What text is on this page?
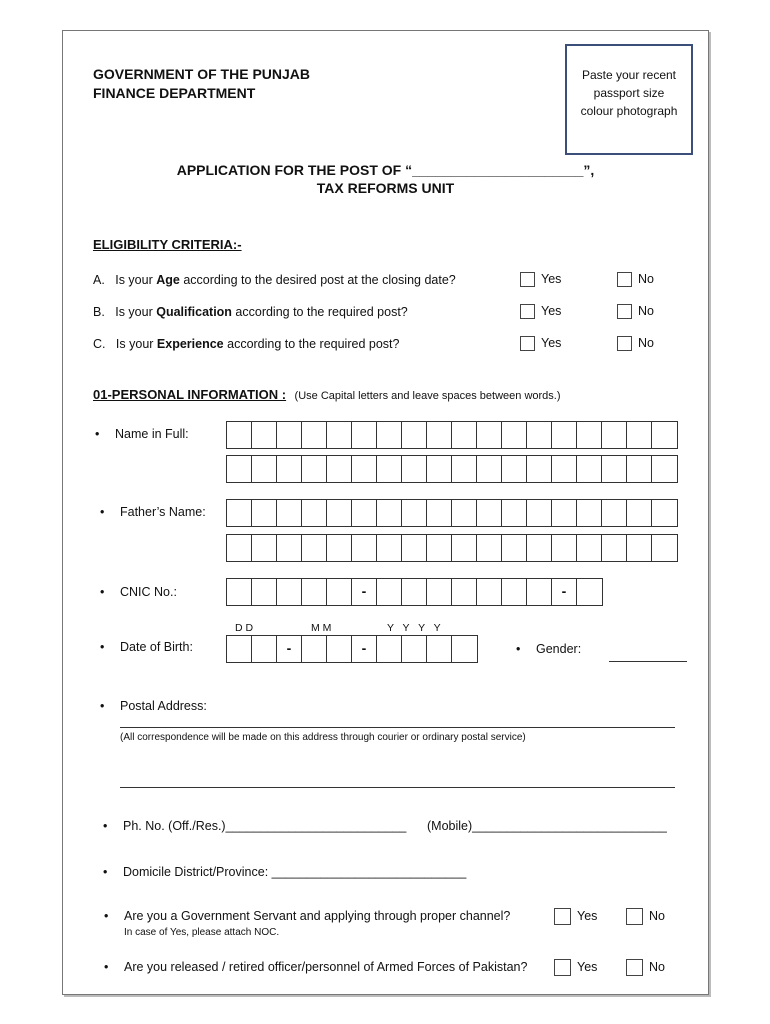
GOVERNMENT OF THE PUNJAB
FINANCE DEPARTMENT
Paste your recent
passport size
colour photograph
APPLICATION FOR THE POST OF “______________________”,
TAX REFORMS UNIT
ELIGIBILITY CRITERIA:-
A. Is your Age according to the desired post at the closing date?	Yes	No
B. Is your Qualification according to the required post?	Yes	No
C. Is your Experience according to the required post?	Yes	No
01-PERSONAL INFORMATION : (Use Capital letters and leave spaces between words.)
• Name in Full:
• Father’s Name:
• CNIC No.:	-	-
D D	M M	Y Y Y Y
• Date of Birth:	-	-
•	Gender:
• Postal Address:
(All correspondence will be made on this address through courier or ordinary postal service)
• Ph. No. (Off./Res.)__________________________ (Mobile)____________________________
• Domicile District/Province: ____________________________
• Are you a Government Servant and applying through proper channel?
In case of Yes, please attach NOC.
Yes	No
• Are you released / retired officer/personnel of Armed Forces of Pakistan?	Yes	No
